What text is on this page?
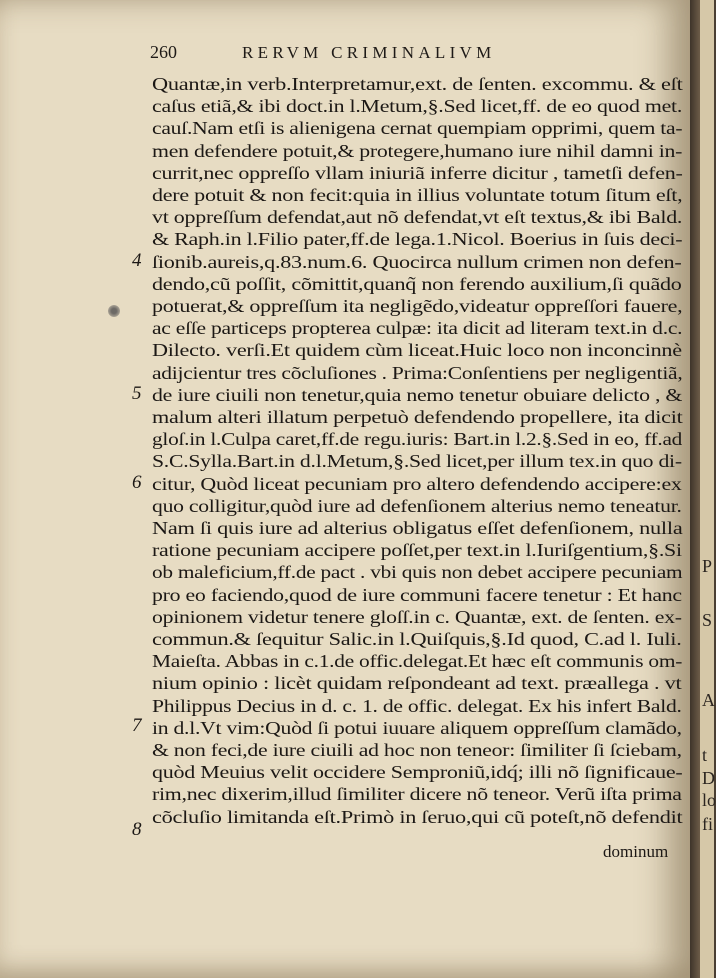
P
S
A
t
D
lo
fi
260	RERVM CRIMINALIVM
Quantæ,in verb.Interpretamur,ext. de ſenten. excommu. & eſt
caſus etiã,& ibi doct.in l.Metum,§.Sed licet,ff. de eo quod met.
cauſ.Nam etſi is alienigena cernat quempiam opprimi, quem ta-
men defendere potuit,& protegere,humano iure nihil damni in-
currit,nec oppreſſo vllam iniuriã inferre dicitur , tametſi defen-
dere potuit & non fecit:quia in illius voluntate totum ſitum eſt,
vt oppreſſum defendat,aut nõ defendat,vt eſt textus,& ibi Bald.
& Raph.in l.Filio pater,ff.de lega.1.Nicol. Boerius in ſuis deci-
ſionib.aureis,q.83.num.6. Quocirca nullum crimen non defen-
dendo,cũ poſſit, cõmittit,quanq̃ non ferendo auxilium,ſi quãdo
potuerat,& oppreſſum ita negligẽdo,videatur oppreſſori fauere,
ac eſſe particeps propterea culpæ: ita dicit ad literam text.in d.c.
Dilecto. verſi.Et quidem cùm liceat.Huic loco non inconcinnè
adijcientur tres cõcluſiones . Prima:Conſentiens per negligentiã,
de iure ciuili non tenetur,quia nemo tenetur obuiare delicto , &
malum alteri illatum perpetuò defendendo propellere, ita dicit
gloſ.in l.Culpa caret,ff.de regu.iuris: Bart.in l.2.§.Sed in eo, ff.ad
S.C.Sylla.Bart.in d.l.Metum,§.Sed licet,per illum tex.in quo di-
citur, Quòd liceat pecuniam pro altero defendendo accipere:ex
quo colligitur,quòd iure ad defenſionem alterius nemo teneatur.
Nam ſi quis iure ad alterius obligatus eſſet defenſionem, nulla
ratione pecuniam accipere poſſet,per text.in l.Iuriſgentium,§.Si
ob maleficium,ff.de pact . vbi quis non debet accipere pecuniam
pro eo faciendo,quod de iure communi facere tenetur : Et hanc
opinionem videtur tenere gloſſ.in c. Quantæ, ext. de ſenten. ex-
commun.& ſequitur Salic.in l.Quiſquis,§.Id quod, C.ad l. Iuli.
Maieſta. Abbas in c.1.de offic.delegat.Et hæc eſt communis om-
nium opinio : licèt quidam reſpondeant ad text. præallega . vt
Philippus Decius in d. c. 1. de offic. delegat. Ex his infert Bald.
in d.l.Vt vim:Quòd ſi potui iuuare aliquem oppreſſum clamãdo,
& non feci,de iure ciuili ad hoc non teneor: ſimiliter ſi ſciebam,
quòd Meuius velit occidere Semproniũ,idq́; illi nõ ſignificaue-
rim,nec dixerim,illud ſimiliter dicere nõ teneor. Verũ iſta prima
cõcluſio limitanda eſt.Primò in ſeruo,qui cũ poteſt,nõ defendit
4
5
6
7
8
dominum
